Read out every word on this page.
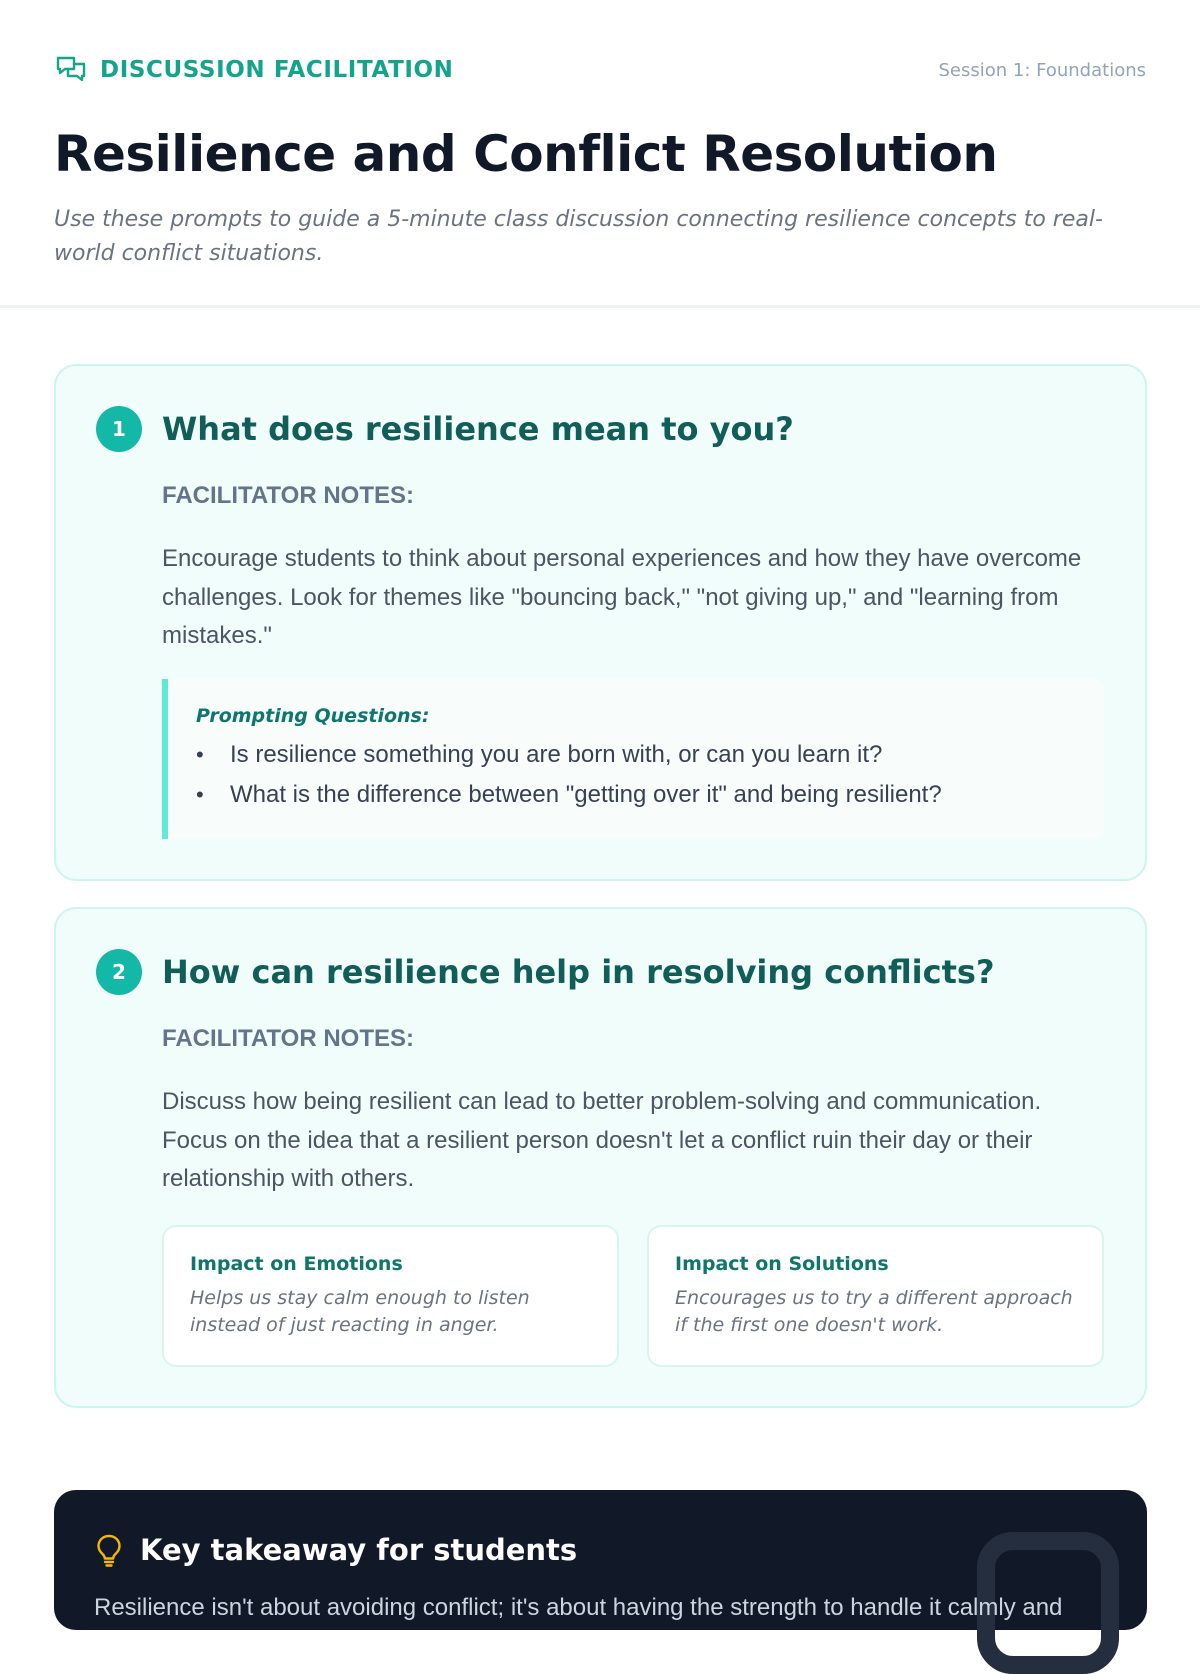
DISCUSSION FACILITATION	Session 1: Foundations
Resilience and Conflict Resolution

Use these prompts to guide a 5-minute class discussion connecting resilience concepts to real-world conflict situations.

1	What does resilience mean to you?
FACILITATOR NOTES:

Encourage students to think about personal experiences and how they have overcome challenges. Look for themes like "bouncing back," "not giving up," and "learning from mistakes."

Prompting Questions:
• Is resilience something you are born with, or can you learn it?
• What is the difference between "getting over it" and being resilient?
2	How can resilience help in resolving conflicts?
FACILITATOR NOTES:

Discuss how being resilient can lead to better problem-solving and communication. Focus on the idea that a resilient person doesn't let a conflict ruin their day or their relationship with others.

Impact on Emotions

Helps us stay calm enough to listen instead of just reacting in anger.

Impact on Solutions

Encourages us to try a different approach if the first one doesn't work.

Key takeaway for students

Resilience isn't about avoiding conflict; it's about having the strength to handle it calmly and
